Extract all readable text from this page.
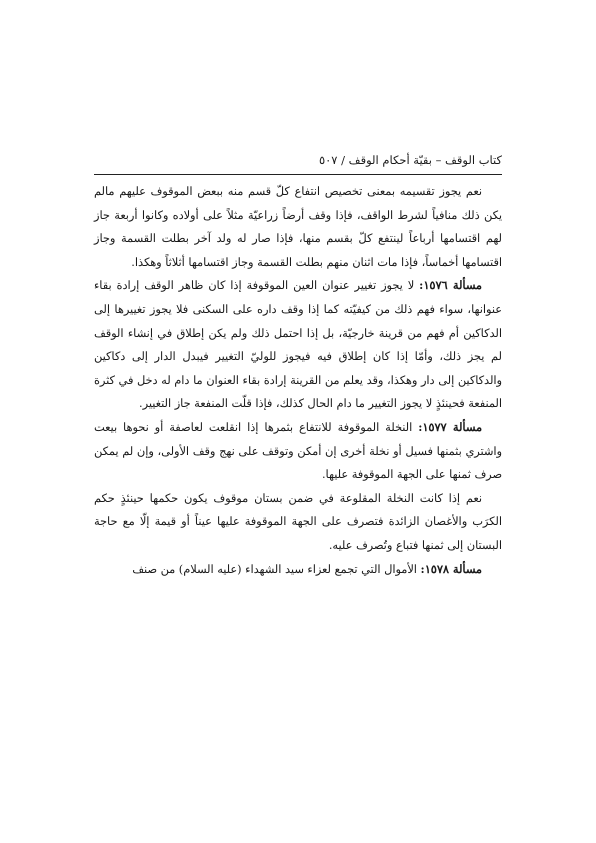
كتاب الوقف – بقيّة أحكام الوقف / ٥٠٧

نعم يجوز تقسيمه بمعنى تخصيص انتفاع كلّ قسم منه ببعض الموقوف عليهم مالم يكن ذلك منافياً لشرط الواقف، فإذا وقف أرضاً زراعيّة مثلاً على أولاده وكانوا أربعة جاز لهم اقتسامها أرباعاً لينتفع كلّ بقسم منها، فإذا صار له ولد آخر بطلت القسمة وجاز اقتسامها أخماساً، فإذا مات اثنان منهم بطلت القسمة وجاز اقتسامها أثلاثاً وهكذا.

مسألة ١٥٧٦: لا يجوز تغيير عنوان العين الموقوفة إذا كان ظاهر الوقف إرادة بقاء عنوانها، سواء فهم ذلك من كيفيّته كما إذا وقف داره على السكنى فلا يجوز تغييرها إلى الدكاكين أم فهم من قرينة خارجيّة، بل إذا احتمل ذلك ولم يكن إطلاق في إنشاء الوقف لم يجز ذلك، وأمّا إذا كان إطلاق فيه فيجوز للوليّ التغيير فيبدل الدار إلى دكاكين والدكاكين إلى دار وهكذا، وقد يعلم من القرينة إرادة بقاء العنوان ما دام له دخل في كثرة المنفعة فحينئذٍ لا يجوز التغيير ما دام الحال كذلك، فإذا قلّت المنفعة جاز التغيير.

مسألة ١٥٧٧: النخلة الموقوفة للانتفاع بثمرها إذا انقلعت لعاصفة أو نحوها بيعت واشتري بثمنها فسيل أو نخلة أخرى إن أمكن وتوقف على نهج وقف الأولى، وإن لم يمكن صرف ثمنها على الجهة الموقوفة عليها.

نعم إذا كانت النخلة المقلوعة في ضمن بستان موقوف يكون حكمها حينئذٍ حكم الكرَب والأغصان الزائدة فتصرف على الجهة الموقوفة عليها عيناً أو قيمة إلّا مع حاجة البستان إلى ثمنها فتباع وتُصرف عليه.

مسألة ١٥٧٨: الأموال التي تجمع لعزاء سيد الشهداء (عليه السلام) من صنف
